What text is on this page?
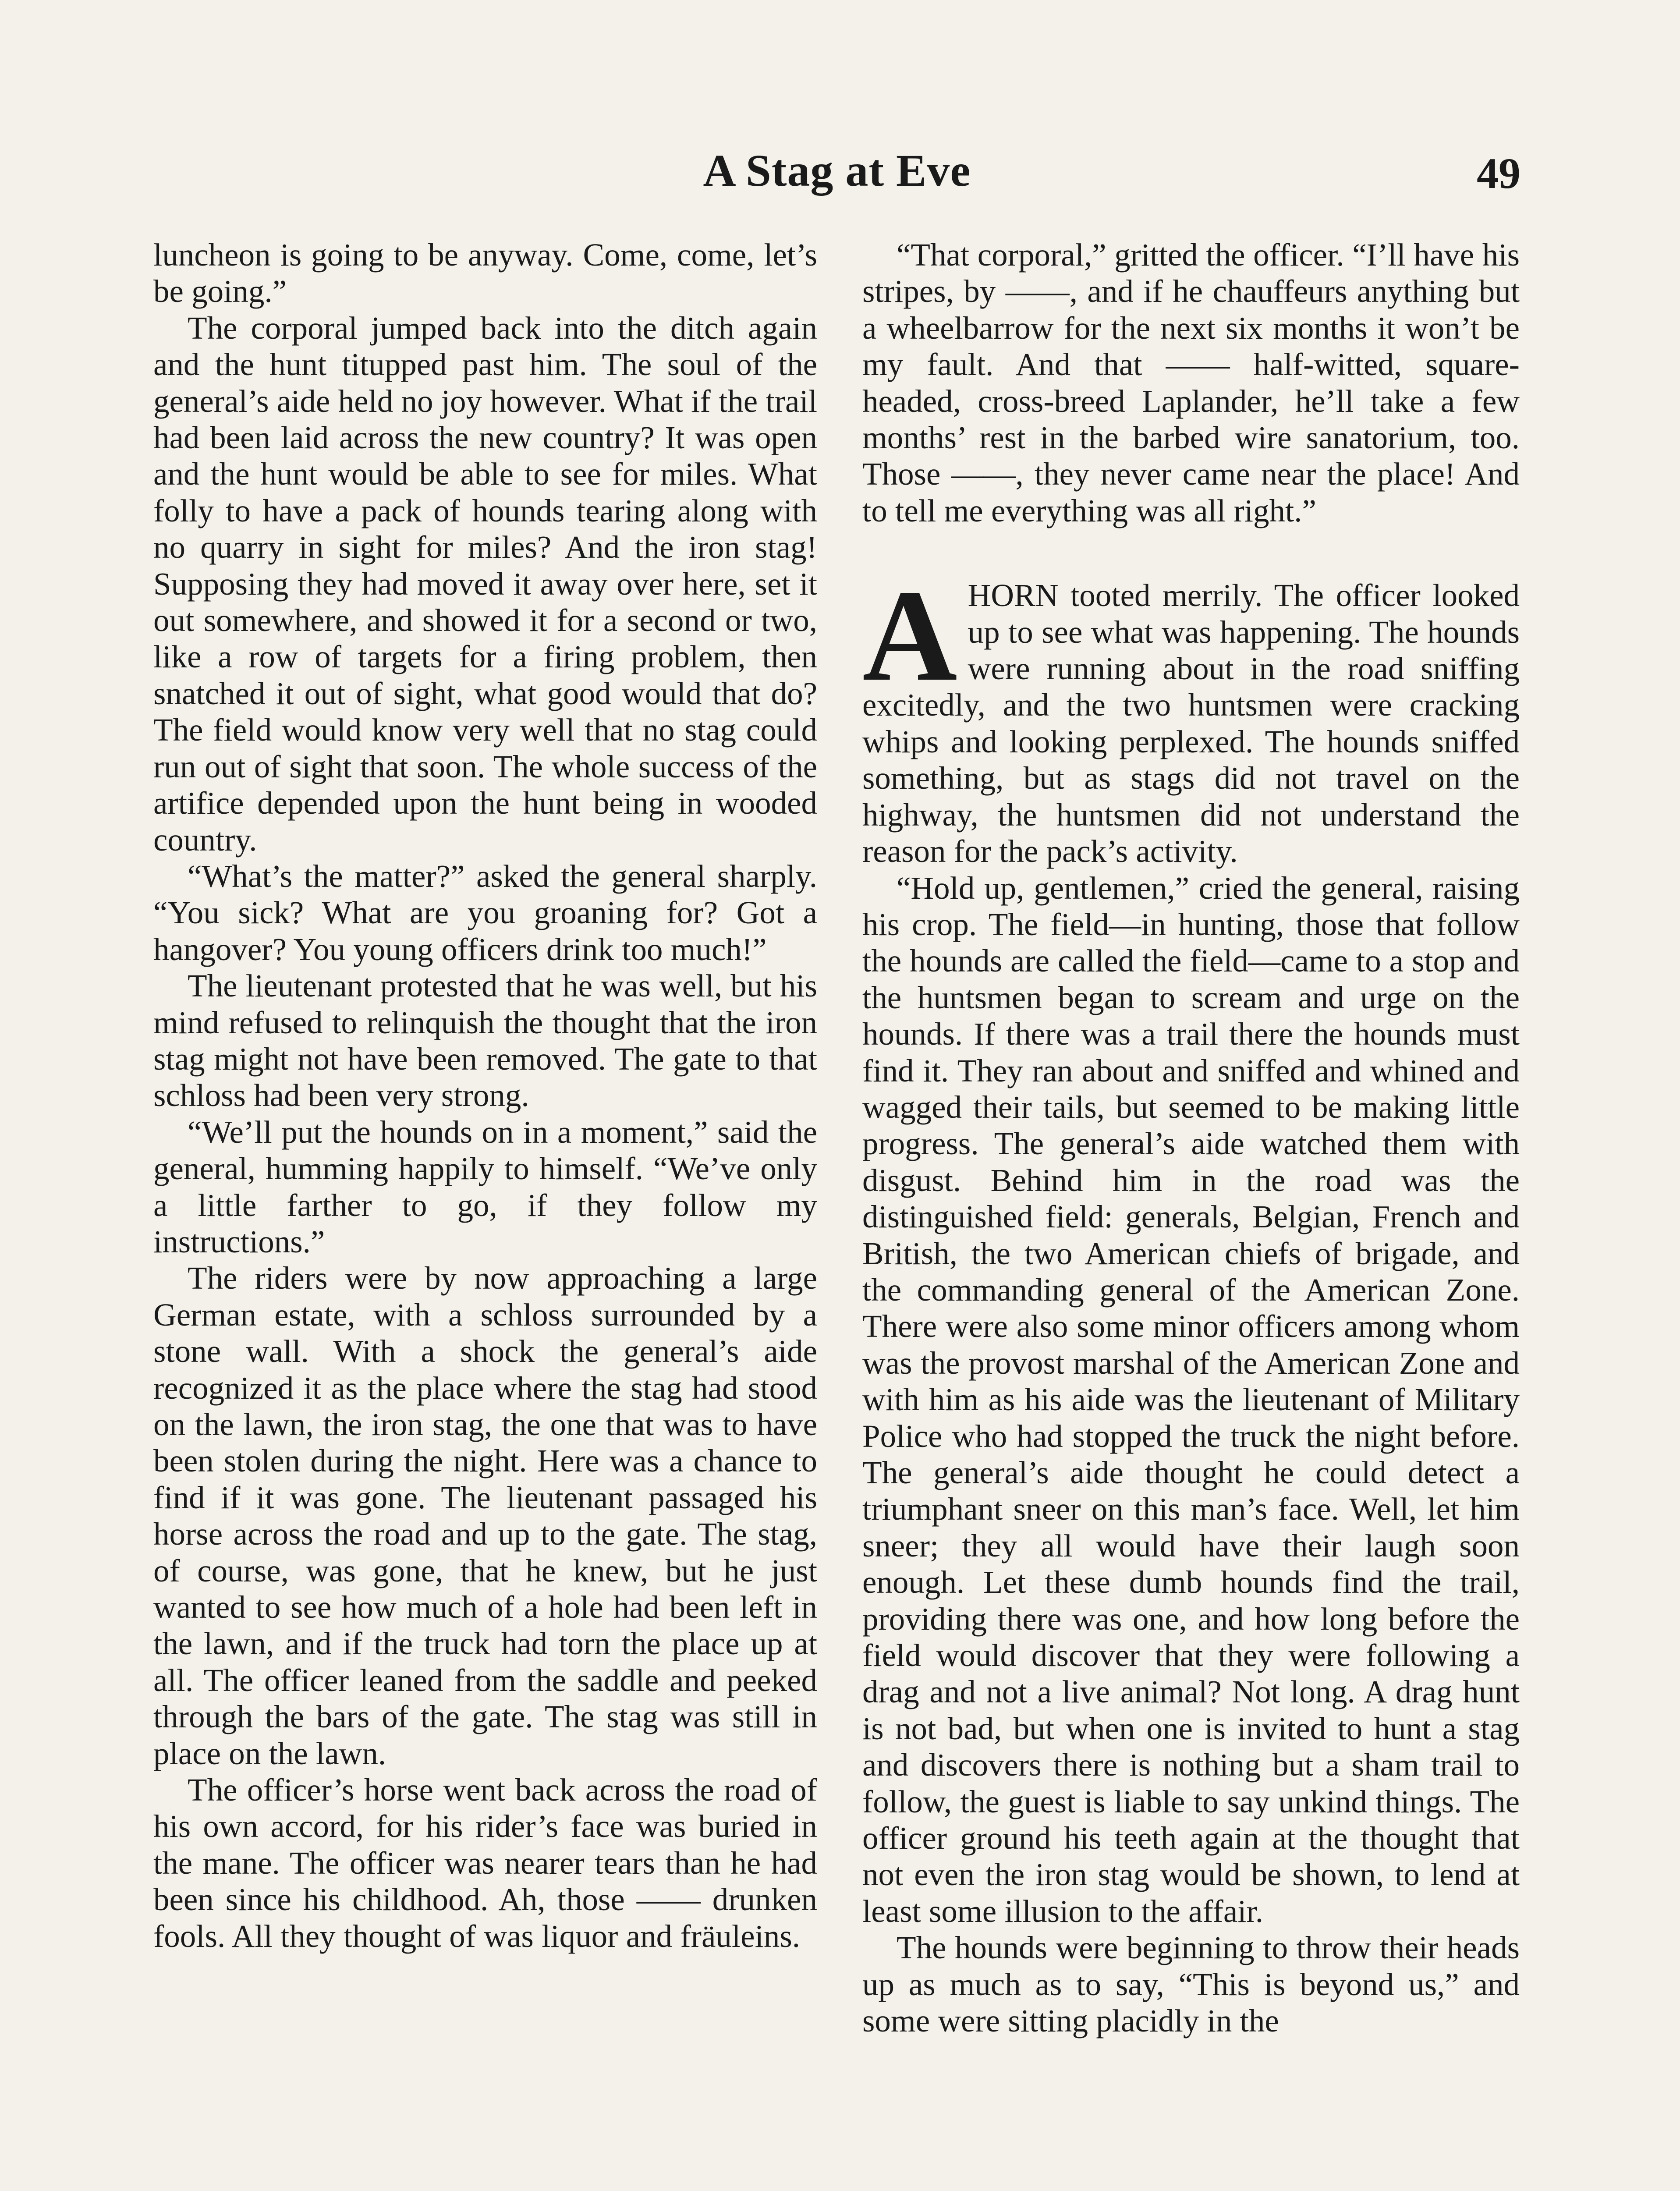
A Stag at Eve	49

luncheon is going to be anyway. Come, come, let’s be going.”

The corporal jumped back into the ditch again and the hunt titupped past him. The soul of the general’s aide held no joy however. What if the trail had been laid across the new country? It was open and the hunt would be able to see for miles. What folly to have a pack of hounds tearing along with no quarry in sight for miles? And the iron stag! Supposing they had moved it away over here, set it out somewhere, and showed it for a second or two, like a row of targets for a firing problem, then snatched it out of sight, what good would that do? The field would know very well that no stag could run out of sight that soon. The whole success of the artifice depended upon the hunt being in wooded country.

“What’s the matter?” asked the general sharply. “You sick? What are you groaning for? Got a hangover? You young officers drink too much!”

The lieutenant protested that he was well, but his mind refused to relinquish the thought that the iron stag might not have been removed. The gate to that schloss had been very strong.

“We’ll put the hounds on in a moment,” said the general, humming happily to himself. “We’ve only a little farther to go, if they follow my instructions.”

The riders were by now approaching a large German estate, with a schloss surrounded by a stone wall. With a shock the general’s aide recognized it as the place where the stag had stood on the lawn, the iron stag, the one that was to have been stolen during the night. Here was a chance to find if it was gone. The lieutenant passaged his horse across the road and up to the gate. The stag, of course, was gone, that he knew, but he just wanted to see how much of a hole had been left in the lawn, and if the truck had torn the place up at all. The officer leaned from the saddle and peeked through the bars of the gate. The stag was still in place on the lawn.

The officer’s horse went back across the road of his own accord, for his rider’s face was buried in the mane. The officer was nearer tears than he had been since his childhood. Ah, those —— drunken fools. All they thought of was liquor and fräuleins.

“That corporal,” gritted the officer. “I’ll have his stripes, by ——, and if he chauffeurs anything but a wheelbarrow for the next six months it won’t be my fault. And that —— half-witted, square-headed, cross-breed Laplander, he’ll take a few months’ rest in the barbed wire sanatorium, too. Those ——, they never came near the place! And to tell me everything was all right.”

AHORN tooted merrily. The officer looked up to see what was happening. The hounds were running about in the road sniffing excitedly, and the two huntsmen were cracking whips and looking perplexed. The hounds sniffed something, but as stags did not travel on the highway, the huntsmen did not understand the reason for the pack’s activity.

“Hold up, gentlemen,” cried the general, raising his crop. The field—in hunting, those that follow the hounds are called the field—came to a stop and the huntsmen began to scream and urge on the hounds. If there was a trail there the hounds must find it. They ran about and sniffed and whined and wagged their tails, but seemed to be making little progress. The general’s aide watched them with disgust. Behind him in the road was the distinguished field: generals, Belgian, French and British, the two American chiefs of brigade, and the commanding general of the American Zone. There were also some minor officers among whom was the provost marshal of the American Zone and with him as his aide was the lieutenant of Military Police who had stopped the truck the night before. The general’s aide thought he could detect a triumphant sneer on this man’s face. Well, let him sneer; they all would have their laugh soon enough. Let these dumb hounds find the trail, providing there was one, and how long before the field would discover that they were following a drag and not a live animal? Not long. A drag hunt is not bad, but when one is invited to hunt a stag and discovers there is nothing but a sham trail to follow, the guest is liable to say unkind things. The officer ground his teeth again at the thought that not even the iron stag would be shown, to lend at least some illusion to the affair.

The hounds were beginning to throw their heads up as much as to say, “This is beyond us,” and some were sitting placidly in the
